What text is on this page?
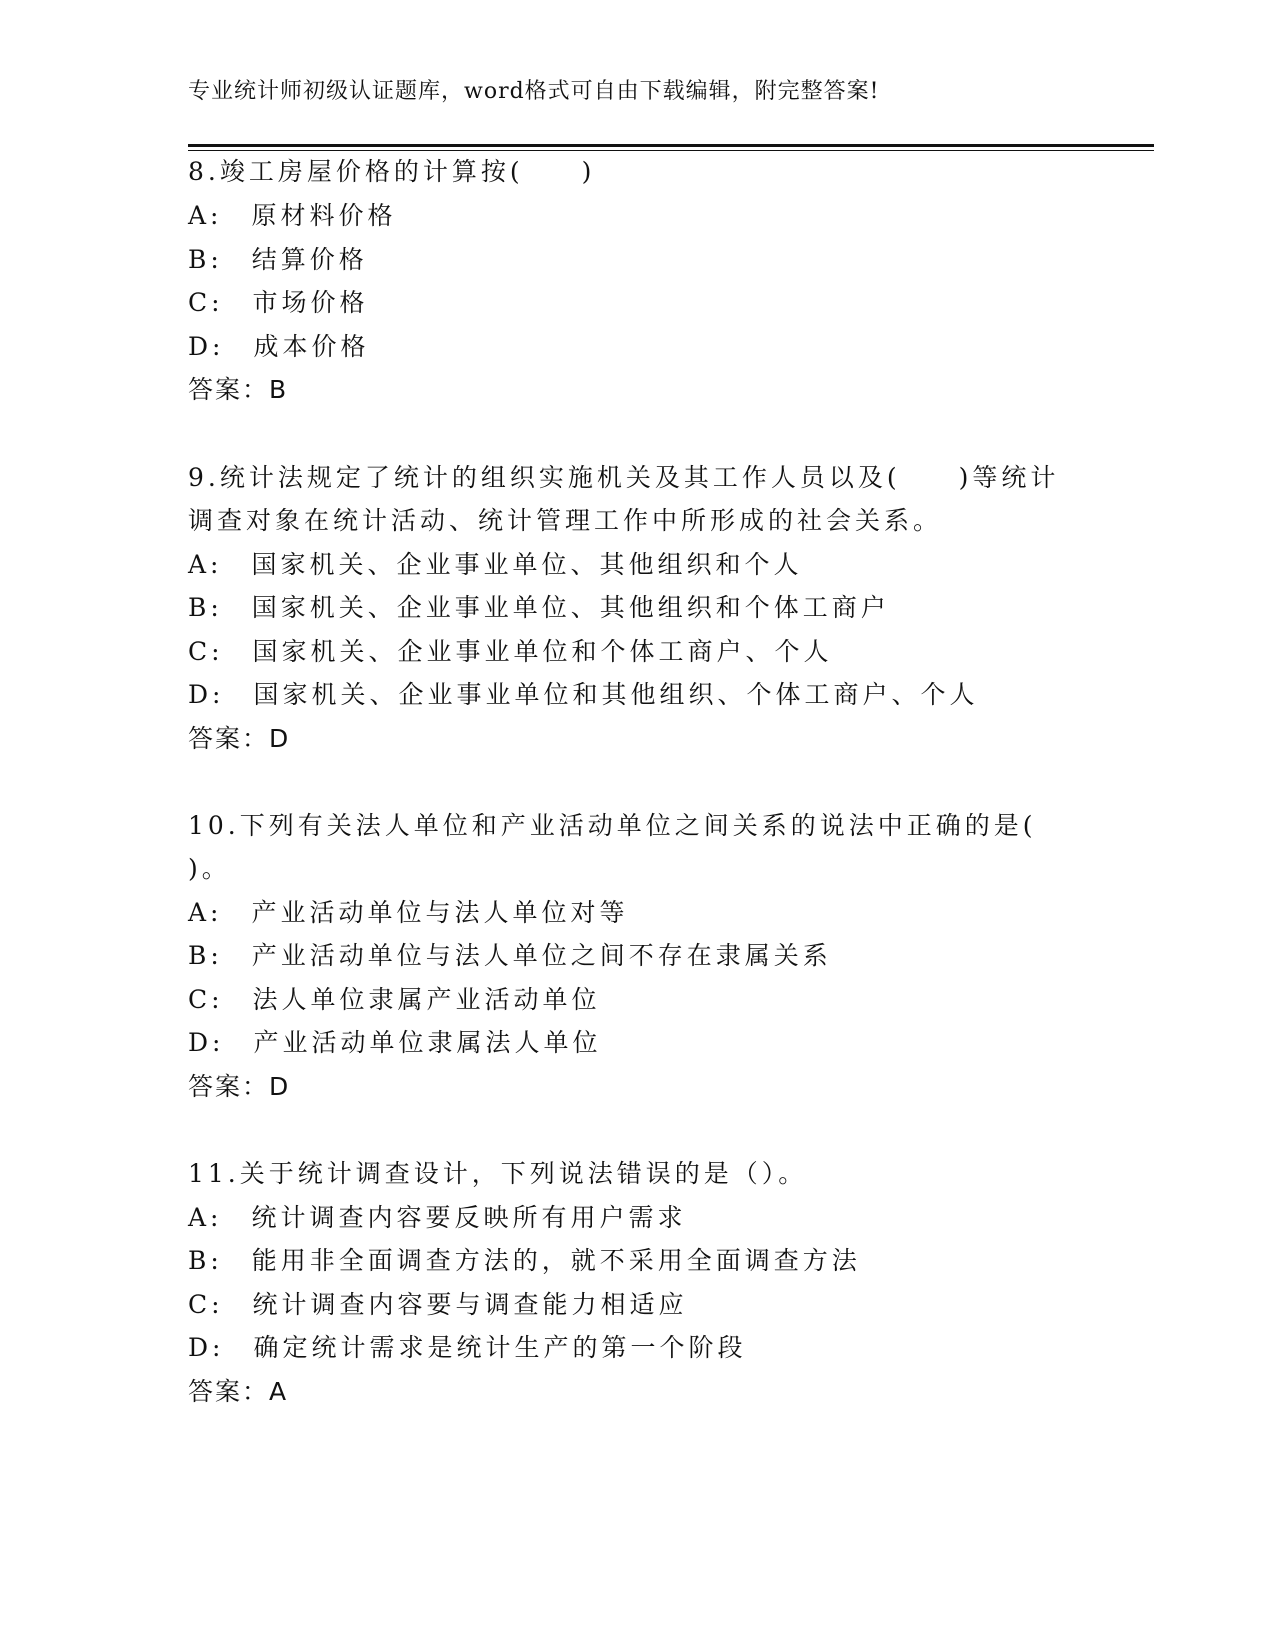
专业统计师初级认证题库，word格式可自由下载编辑，附完整答案!
8.竣工房屋价格的计算按(　　)
A:　原材料价格
B:　结算价格
C:　市场价格
D:　成本价格
答案：B
9.统计法规定了统计的组织实施机关及其工作人员以及(　　)等统计
调查对象在统计活动、统计管理工作中所形成的社会关系。
A:　国家机关、企业事业单位、其他组织和个人
B:　国家机关、企业事业单位、其他组织和个体工商户
C:　国家机关、企业事业单位和个体工商户、个人
D:　国家机关、企业事业单位和其他组织、个体工商户、个人
答案：D
10.下列有关法人单位和产业活动单位之间关系的说法中正确的是(
)。
A:　产业活动单位与法人单位对等
B:　产业活动单位与法人单位之间不存在隶属关系
C:　法人单位隶属产业活动单位
D:　产业活动单位隶属法人单位
答案：D
11.关于统计调查设计，下列说法错误的是（）。
A:　统计调查内容要反映所有用户需求
B:　能用非全面调查方法的，就不采用全面调查方法
C:　统计调查内容要与调查能力相适应
D:　确定统计需求是统计生产的第一个阶段
答案：A
